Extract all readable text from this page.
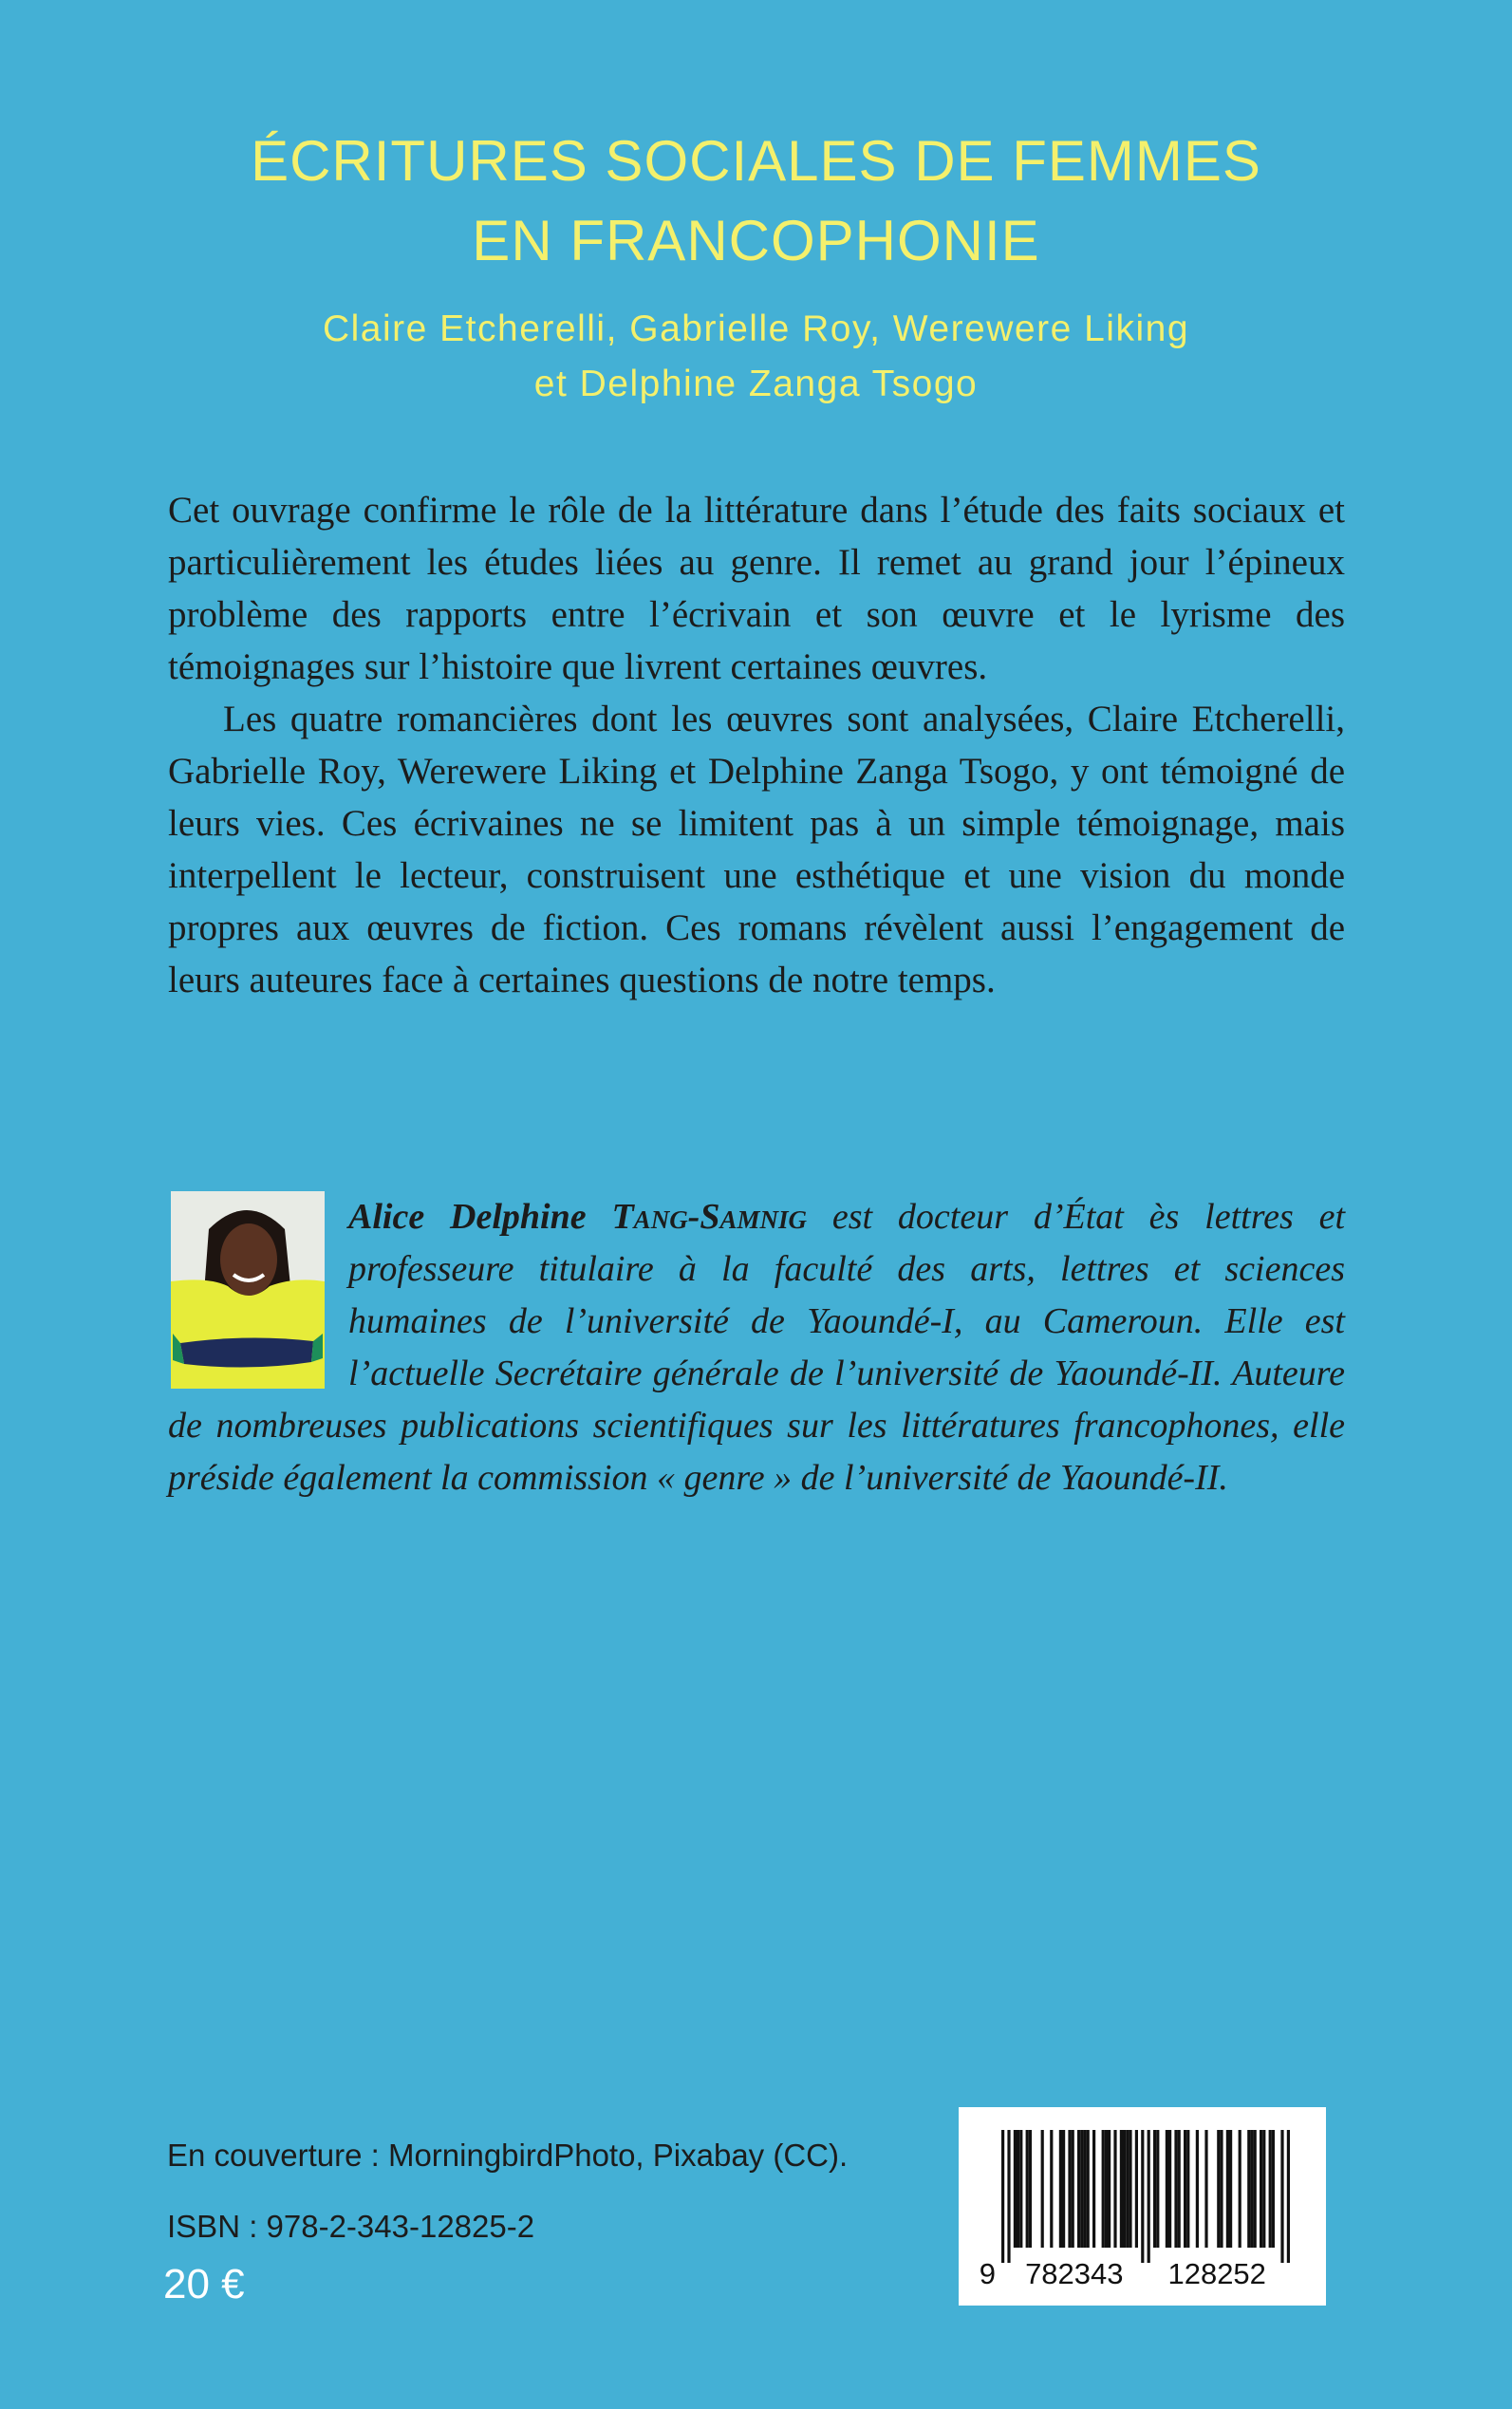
ÉCRITURES SOCIALES DE FEMMES
EN FRANCOPHONIE
Claire Etcherelli, Gabrielle Roy, Werewere Liking
et Delphine Zanga Tsogo

Cet ouvrage confirme le rôle de la littérature dans l’étude des faits sociaux et particulièrement les études liées au genre. Il remet au grand jour l’épineux problème des rapports entre l’écrivain et son œuvre et le lyrisme des témoignages sur l’histoire que livrent certaines œuvres.

Les quatre romancières dont les œuvres sont analysées, Claire Etcherelli, Gabrielle Roy, Werewere Liking et Delphine Zanga Tsogo, y ont témoigné de leurs vies. Ces écrivaines ne se limitent pas à un simple témoignage, mais interpellent le lecteur, construisent une esthétique et une vision du monde propres aux œuvres de fiction. Ces romans révèlent aussi l’engagement de leurs auteures face à certaines questions de notre temps.

Alice Delphine Tang-Samnig est docteur d’État ès lettres et professeure titulaire à la faculté des arts, lettres et sciences humaines de l’université de Yaoundé-I, au Cameroun. Elle est l’actuelle Secrétaire générale de l’université de Yaoundé-II. Auteure de nombreuses publications scientifiques sur les littératures francophones, elle préside également la commission « genre » de l’université de Yaoundé-II.
En couverture : MorningbirdPhoto, Pixabay (CC).
ISBN : 978-2-343-12825-2
20 €	9 782343 128252
